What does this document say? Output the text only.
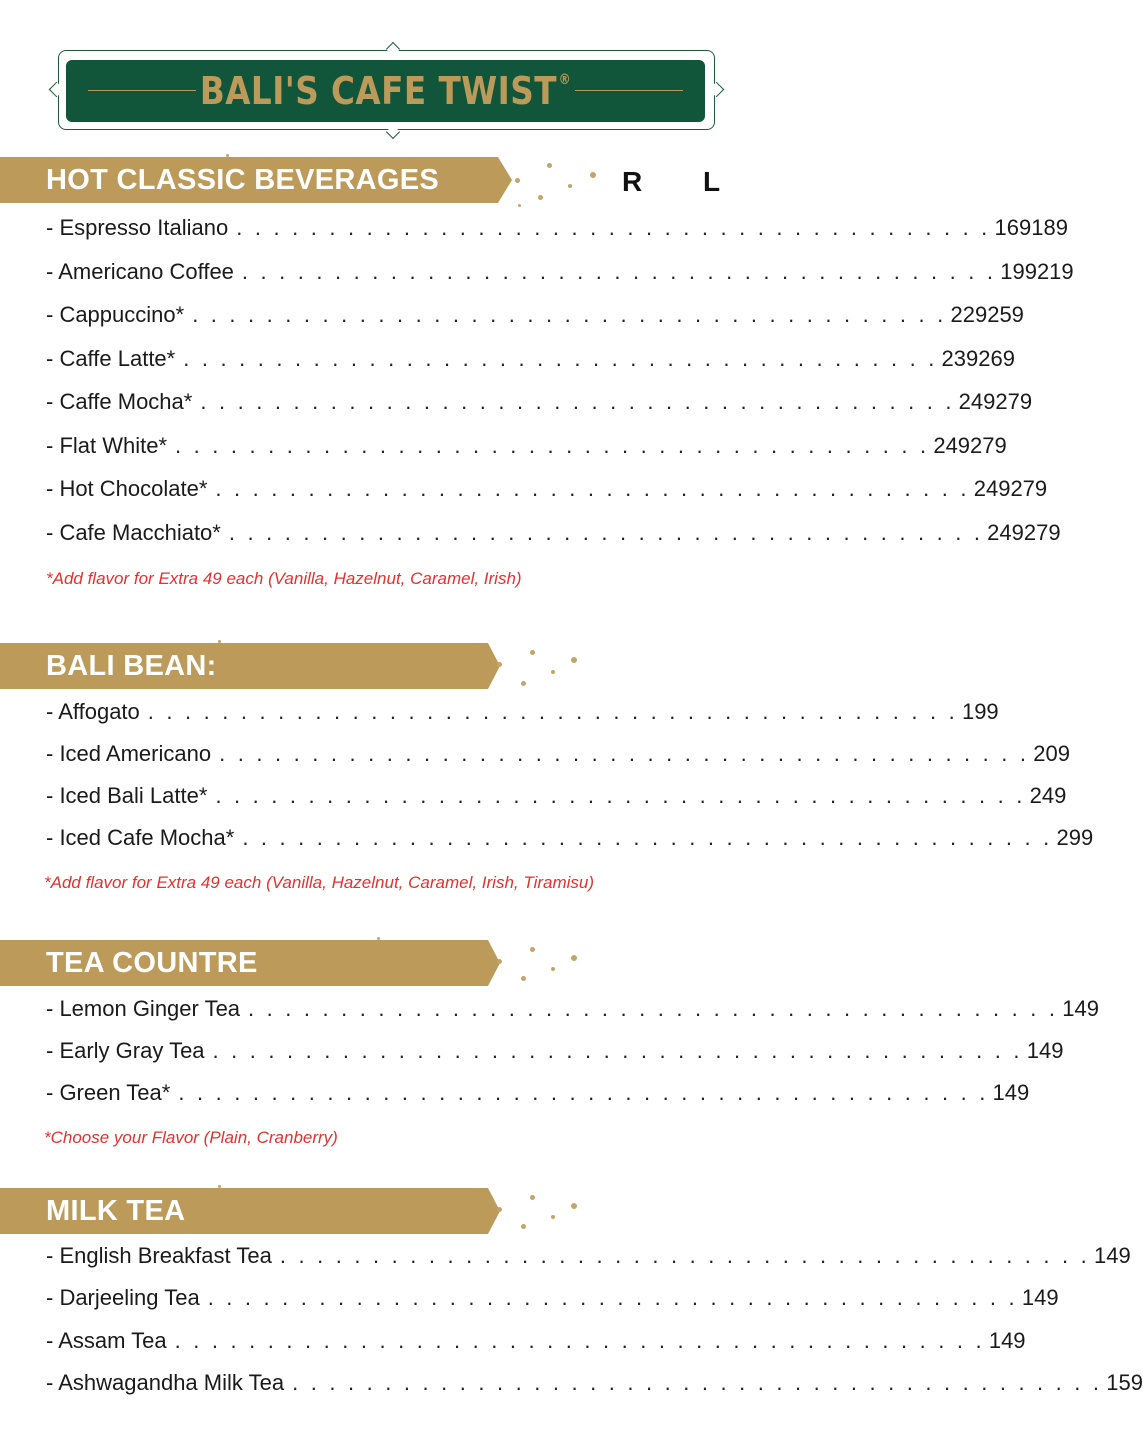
BALI'S CAFE TWIST ®
HOT CLASSIC BEVERAGES	R L
- Espresso Italiano . . . . . . . . . . . . . . . . . . . . . . . . . . . . . . . . . . . . . . . . . 169 189
- Americano Coffee . . . . . . . . . . . . . . . . . . . . . . . . . . . . . . . . . . . . . . . . . 199 219
- Cappuccino* . . . . . . . . . . . . . . . . . . . . . . . . . . . . . . . . . . . . . . . . . 229 259
- Caffe Latte* . . . . . . . . . . . . . . . . . . . . . . . . . . . . . . . . . . . . . . . . . 239 269
- Caffe Mocha* . . . . . . . . . . . . . . . . . . . . . . . . . . . . . . . . . . . . . . . . . 249 279
- Flat White* . . . . . . . . . . . . . . . . . . . . . . . . . . . . . . . . . . . . . . . . . 249 279
- Hot Chocolate* . . . . . . . . . . . . . . . . . . . . . . . . . . . . . . . . . . . . . . . . . 249 279
- Cafe Macchiato* . . . . . . . . . . . . . . . . . . . . . . . . . . . . . . . . . . . . . . . . . 249 279
*Add flavor for Extra 49 each (Vanilla, Hazelnut, Caramel, Irish)
BALI BEAN:
- Affogato . . . . . . . . . . . . . . . . . . . . . . . . . . . . . . . . . . . . . . . . . . . . 199
- Iced Americano . . . . . . . . . . . . . . . . . . . . . . . . . . . . . . . . . . . . . . . . . . . . 209
- Iced Bali Latte* . . . . . . . . . . . . . . . . . . . . . . . . . . . . . . . . . . . . . . . . . . . . 249
- Iced Cafe Mocha* . . . . . . . . . . . . . . . . . . . . . . . . . . . . . . . . . . . . . . . . . . . . 299
*Add flavor for Extra 49 each (Vanilla, Hazelnut, Caramel, Irish, Tiramisu)
TEA COUNTRE
- Lemon Ginger Tea . . . . . . . . . . . . . . . . . . . . . . . . . . . . . . . . . . . . . . . . . . . . 149
- Early Gray Tea . . . . . . . . . . . . . . . . . . . . . . . . . . . . . . . . . . . . . . . . . . . . 149
- Green Tea* . . . . . . . . . . . . . . . . . . . . . . . . . . . . . . . . . . . . . . . . . . . . 149
*Choose your Flavor (Plain, Cranberry)
MILK TEA
- English Breakfast Tea . . . . . . . . . . . . . . . . . . . . . . . . . . . . . . . . . . . . . . . . . . . . 149
- Darjeeling Tea . . . . . . . . . . . . . . . . . . . . . . . . . . . . . . . . . . . . . . . . . . . . 149
- Assam Tea . . . . . . . . . . . . . . . . . . . . . . . . . . . . . . . . . . . . . . . . . . . . 149
- Ashwagandha Milk Tea . . . . . . . . . . . . . . . . . . . . . . . . . . . . . . . . . . . . . . . . . . . . 159
